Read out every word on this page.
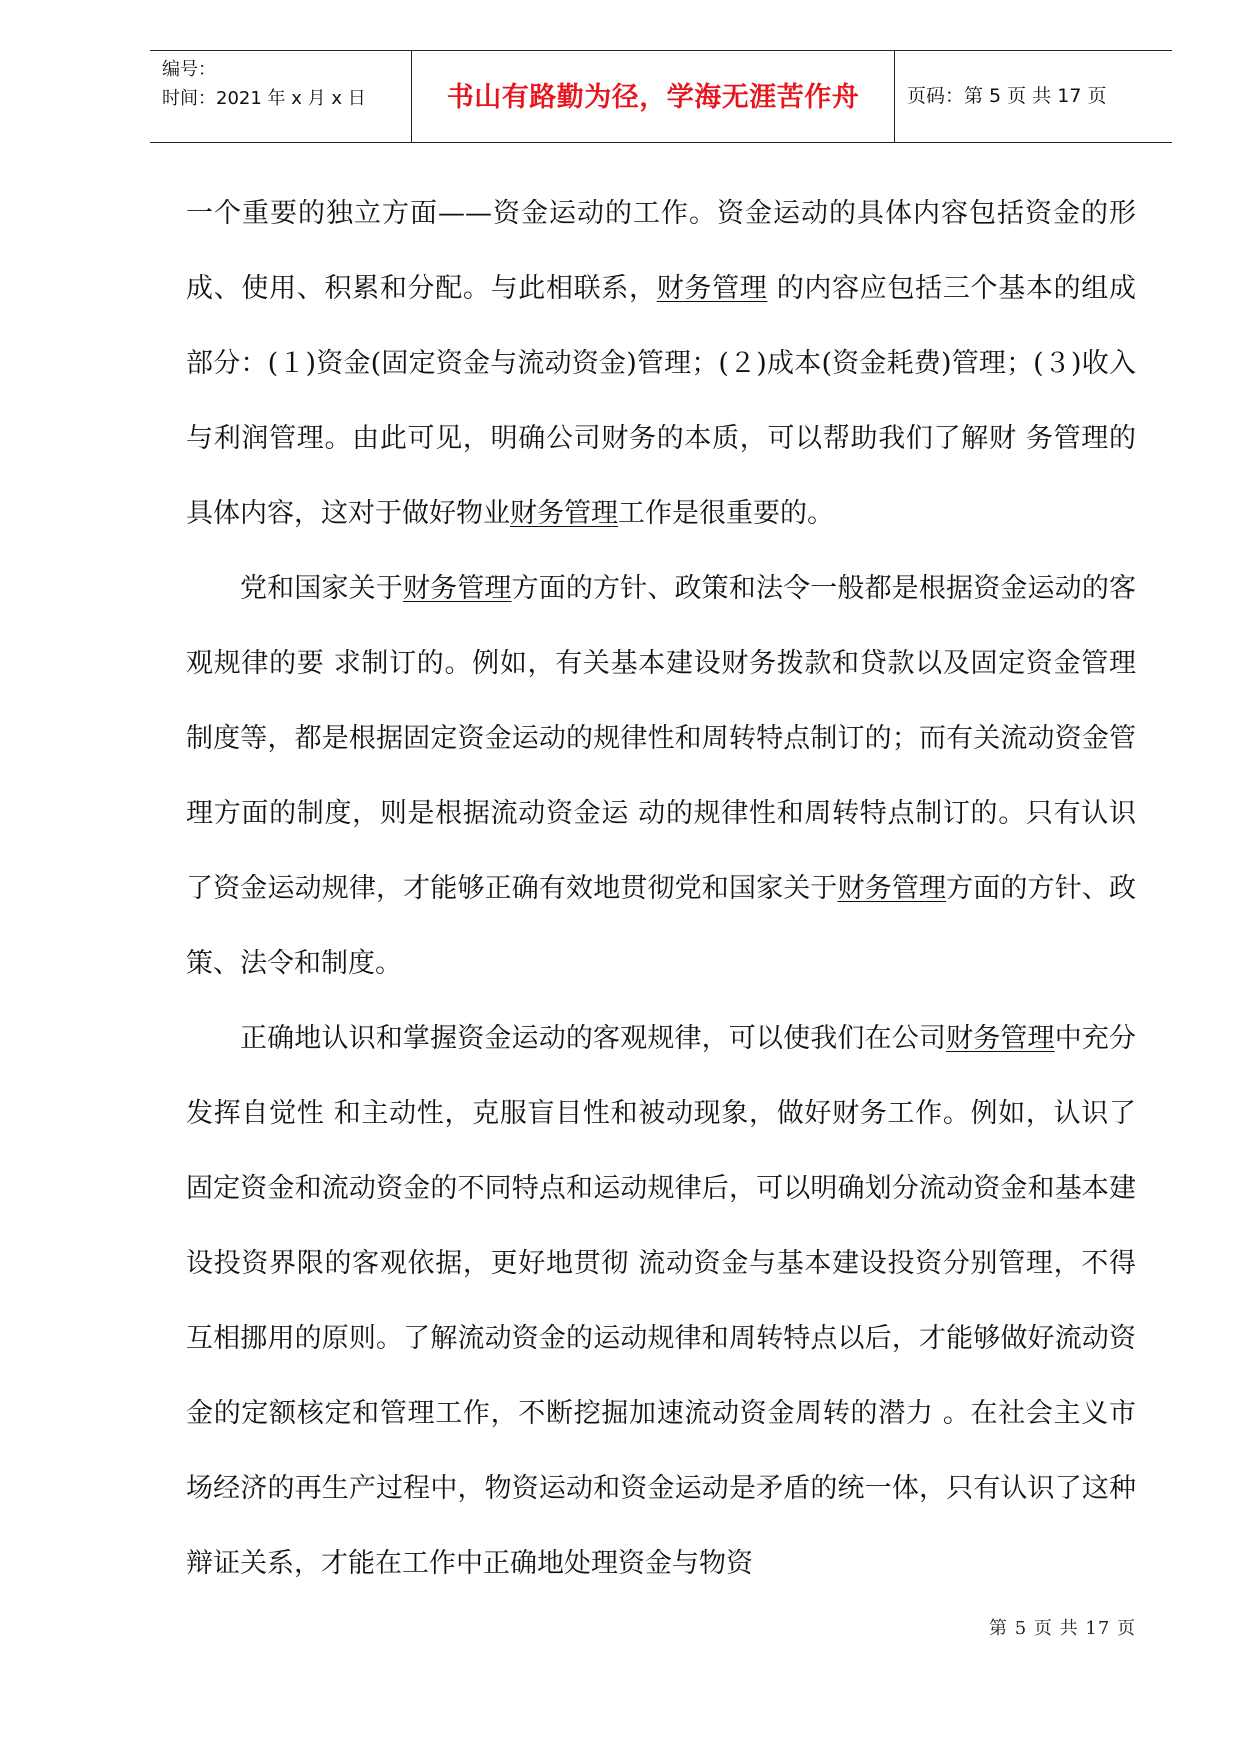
编号：
时间：2021 年 x 月 x 日	书山有路勤为径，学海无涯苦作舟	页码：第 5 页 共 17 页

一个重要的独立方面——资金运动的工作。资金运动的具体内容包括资金的形成、使用、积累和分配。与此相联系，财务管理 的内容应包括三个基本的组成部分：(１)资金(固定资金与流动资金)管理；(２)成本(资金耗费)管理；(３)收入与利润管理。由此可见，明确公司财务的本质，可以帮助我们了解财 务管理的具体内容，这对于做好物业财务管理工作是很重要的。

党和国家关于财务管理方面的方针、政策和法令一般都是根据资金运动的客观规律的要 求制订的。例如，有关基本建设财务拨款和贷款以及固定资金管理制度等，都是根据固定资金运动的规律性和周转特点制订的；而有关流动资金管理方面的制度，则是根据流动资金运 动的规律性和周转特点制订的。只有认识了资金运动规律，才能够正确有效地贯彻党和国家关于财务管理方面的方针、政策、法令和制度。

正确地认识和掌握资金运动的客观规律，可以使我们在公司财务管理中充分发挥自觉性 和主动性，克服盲目性和被动现象，做好财务工作。例如，认识了固定资金和流动资金的不同特点和运动规律后，可以明确划分流动资金和基本建设投资界限的客观依据，更好地贯彻 流动资金与基本建设投资分别管理，不得互相挪用的原则。了解流动资金的运动规律和周转特点以后，才能够做好流动资金的定额核定和管理工作，不断挖掘加速流动资金周转的潜力 。在社会主义市场经济的再生产过程中，物资运动和资金运动是矛盾的统一体，只有认识了这种辩证关系，才能在工作中正确地处理资金与物资

第 5 页 共 17 页
